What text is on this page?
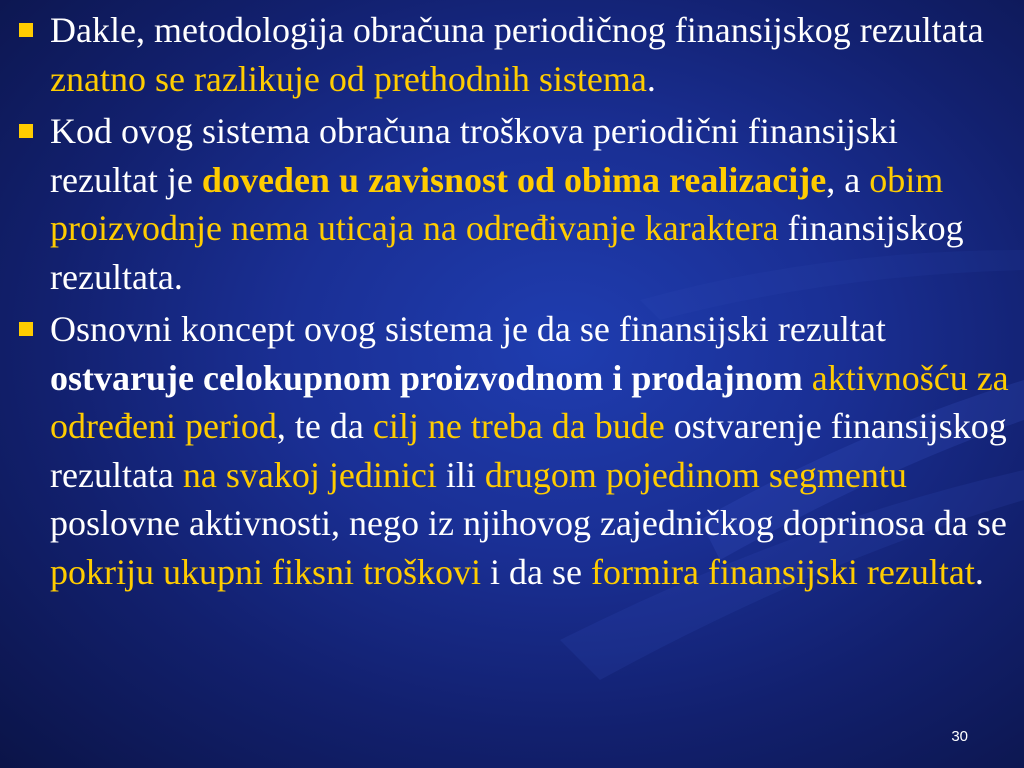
Dakle, metodologija obračuna periodičnog finansijskog rezultata znatno se razlikuje od prethodnih sistema.
Kod ovog sistema obračuna troškova periodični finansijski rezultat je doveden u zavisnost od obima realizacije, a obim proizvodnje nema uticaja na određivanje karaktera finansijskog rezultata.
Osnovni koncept ovog sistema je da se finansijski rezultat ostvaruje celokupnom proizvodnom i prodajnom aktivnošću za određeni period, te da cilj ne treba da bude ostvarenje finansijskog rezultata na svakoj jedinici ili drugom pojedinom segmentu poslovne aktivnosti, nego iz njihovog zajedničkog doprinosa da se pokriju ukupni fiksni troškovi i da se formira finansijski rezultat.
30
